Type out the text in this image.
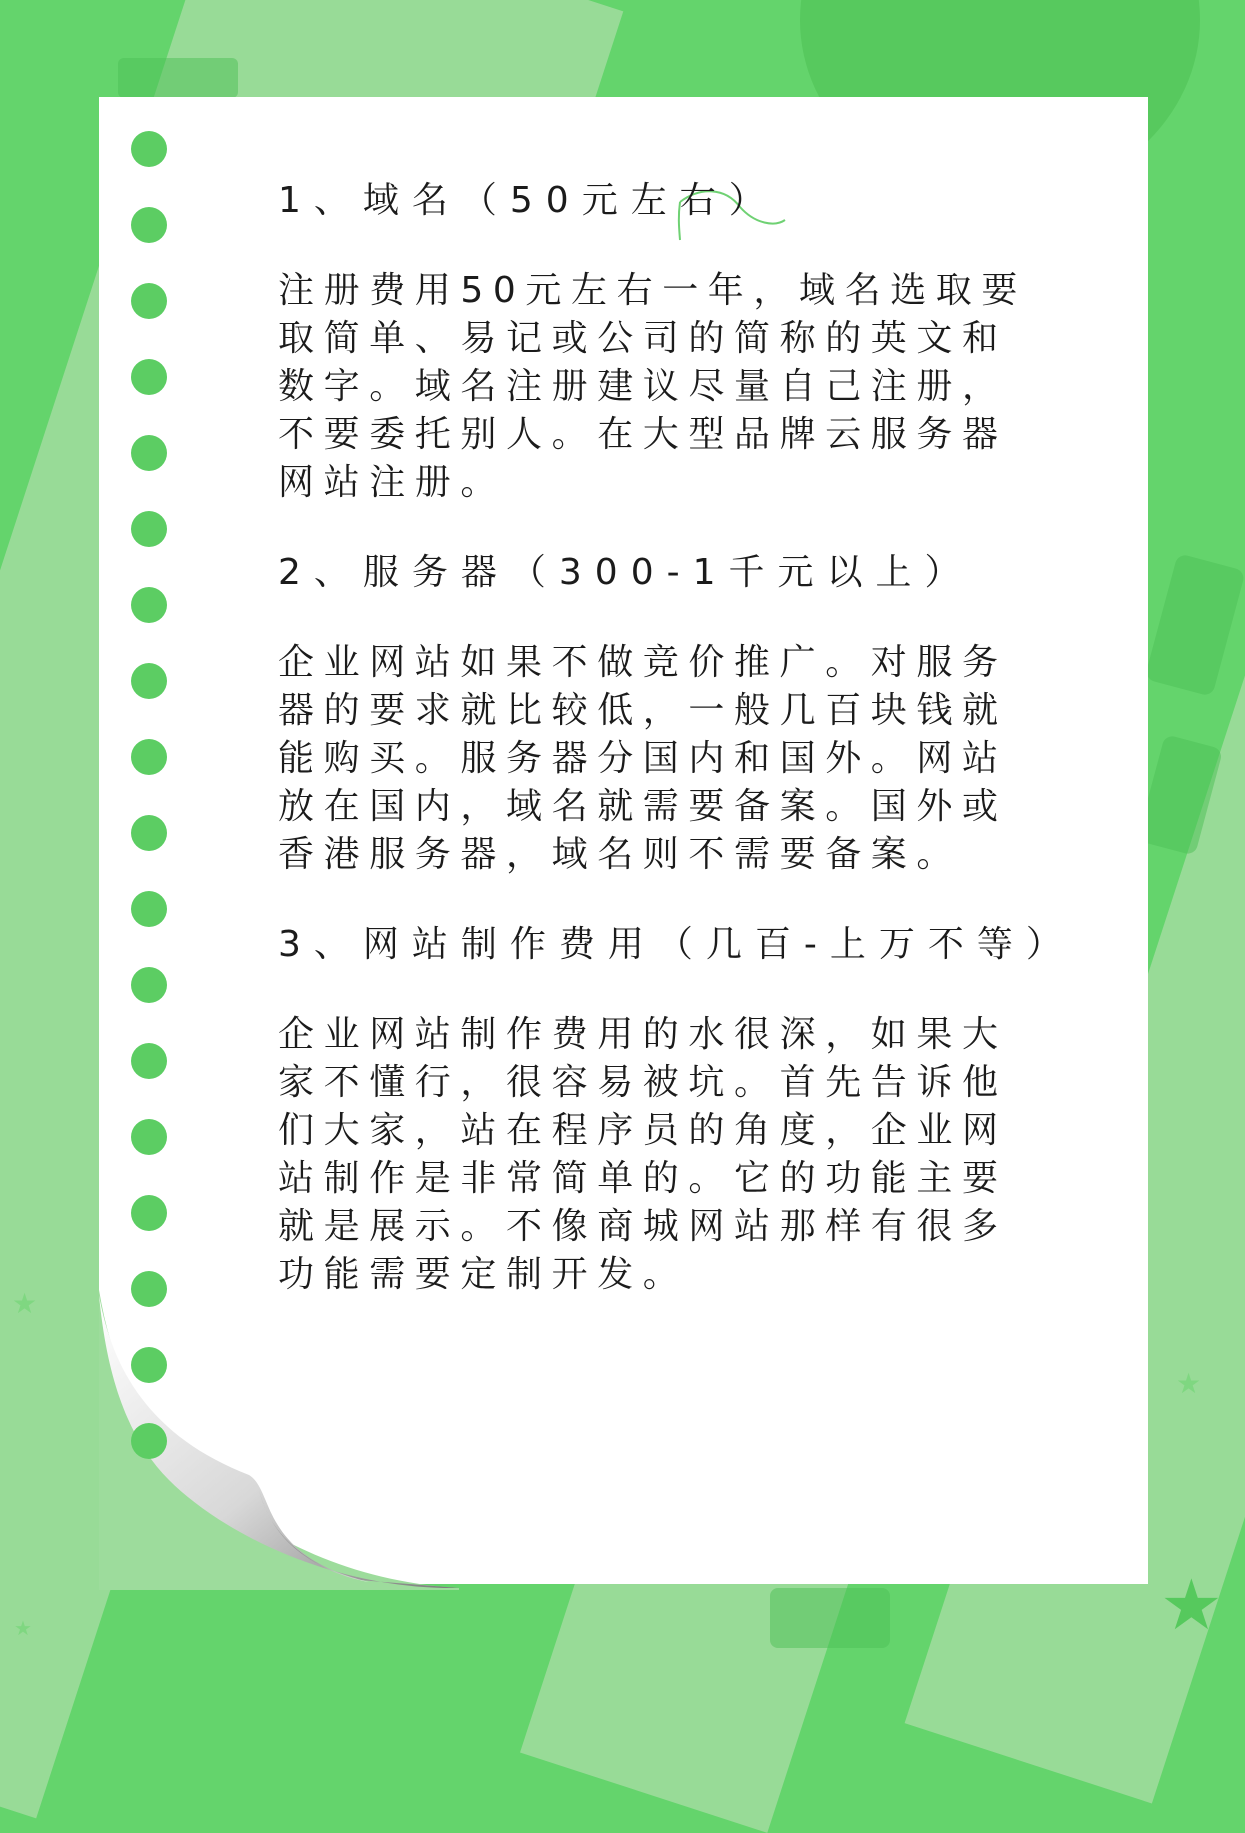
★
★
★
★
1、域名（50元左右）
注册费用50元左右一年，域名选取要
取简单、易记或公司的简称的英文和
数字。域名注册建议尽量自己注册，
不要委托别人。在大型品牌云服务器
网站注册。
2、服务器（300-1千元以上）
企业网站如果不做竞价推广。对服务
器的要求就比较低，一般几百块钱就
能购买。服务器分国内和国外。网站
放在国内，域名就需要备案。国外或
香港服务器，域名则不需要备案。
3、网站制作费用（几百-上万不等）
企业网站制作费用的水很深，如果大
家不懂行，很容易被坑。首先告诉他
们大家，站在程序员的角度，企业网
站制作是非常简单的。它的功能主要
就是展示。不像商城网站那样有很多
功能需要定制开发。
